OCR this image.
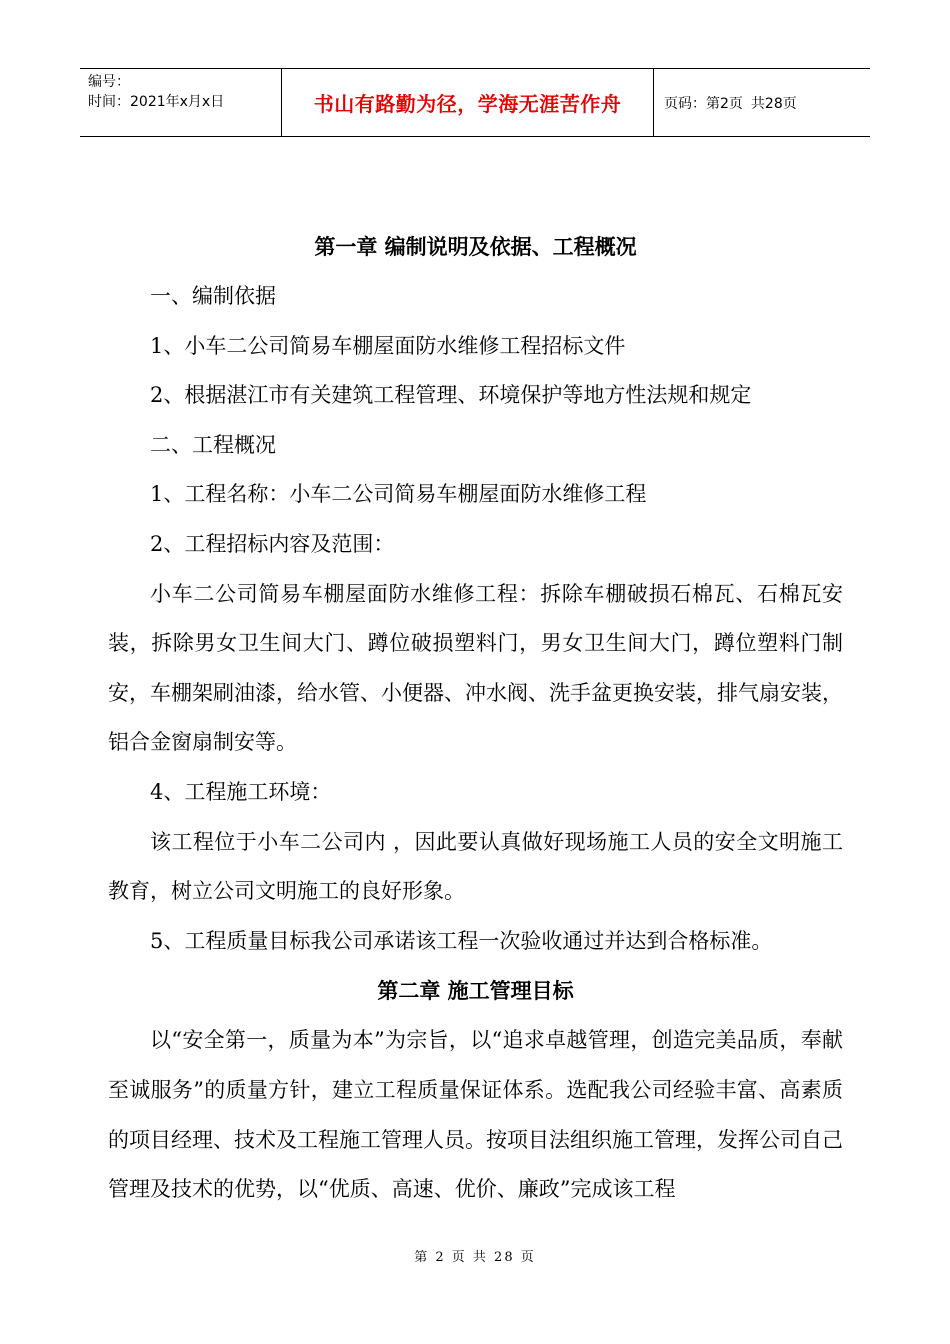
编号：
时间：2021年x月x日	书山有路勤为径，学海无涯苦作舟	页码：第2页 共28页
第一章 编制说明及依据、工程概况

一、编制依据

1、小车二公司简易车棚屋面防水维修工程招标文件

2、根据湛江市有关建筑工程管理、环境保护等地方性法规和规定

二、工程概况

1、工程名称：小车二公司简易车棚屋面防水维修工程

2、工程招标内容及范围：

小车二公司简易车棚屋面防水维修工程：拆除车棚破损石棉瓦、石棉瓦安装，拆除男女卫生间大门、蹲位破损塑料门，男女卫生间大门，蹲位塑料门制安，车棚架刷油漆，给水管、小便器、冲水阀、洗手盆更换安装，排气扇安装，铝合金窗扇制安等。

4、工程施工环境：

该工程位于小车二公司内 ，因此要认真做好现场施工人员的安全文明施工教育，树立公司文明施工的良好形象。

5、工程质量目标我公司承诺该工程一次验收通过并达到合格标准。

第二章 施工管理目标

以“安全第一，质量为本”为宗旨，以“追求卓越管理，创造完美品质，奉献至诚服务”的质量方针，建立工程质量保证体系。选配我公司经验丰富、高素质的项目经理、技术及工程施工管理人员。按项目法组织施工管理，发挥公司自己管理及技术的优势，以“优质、高速、优价、廉政”完成该工程

第 2 页 共 28 页
